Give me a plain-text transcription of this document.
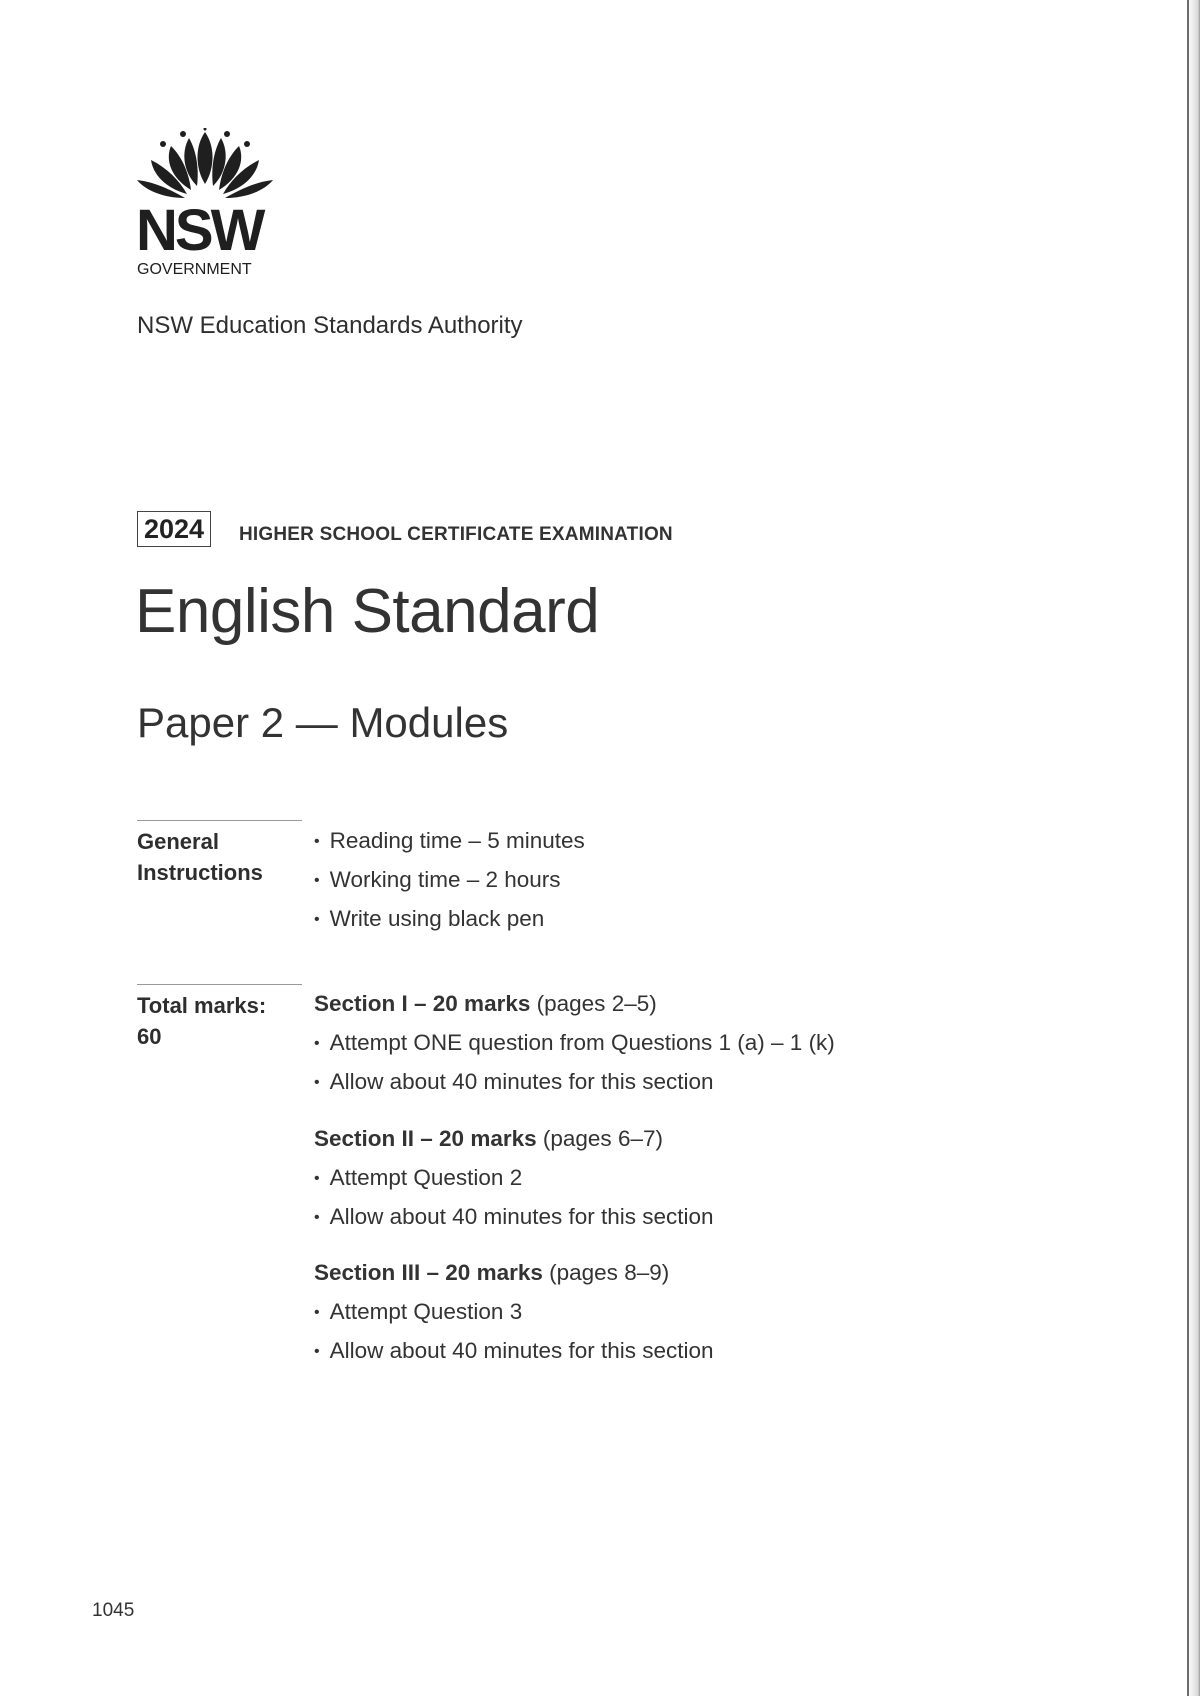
NSW
GOVERNMENT
NSW Education Standards Authority
2024	HIGHER SCHOOL CERTIFICATE EXAMINATION
English Standard
Paper 2 — Modules
General
Instructions
• Reading time – 5 minutes
• Working time – 2 hours
• Write using black pen
Total marks:
60
Section I – 20 marks (pages 2–5)
• Attempt ONE question from Questions 1 (a) – 1 (k)
• Allow about 40 minutes for this section
Section II – 20 marks (pages 6–7)
• Attempt Question 2
• Allow about 40 minutes for this section
Section III – 20 marks (pages 8–9)
• Attempt Question 3
• Allow about 40 minutes for this section
1045
